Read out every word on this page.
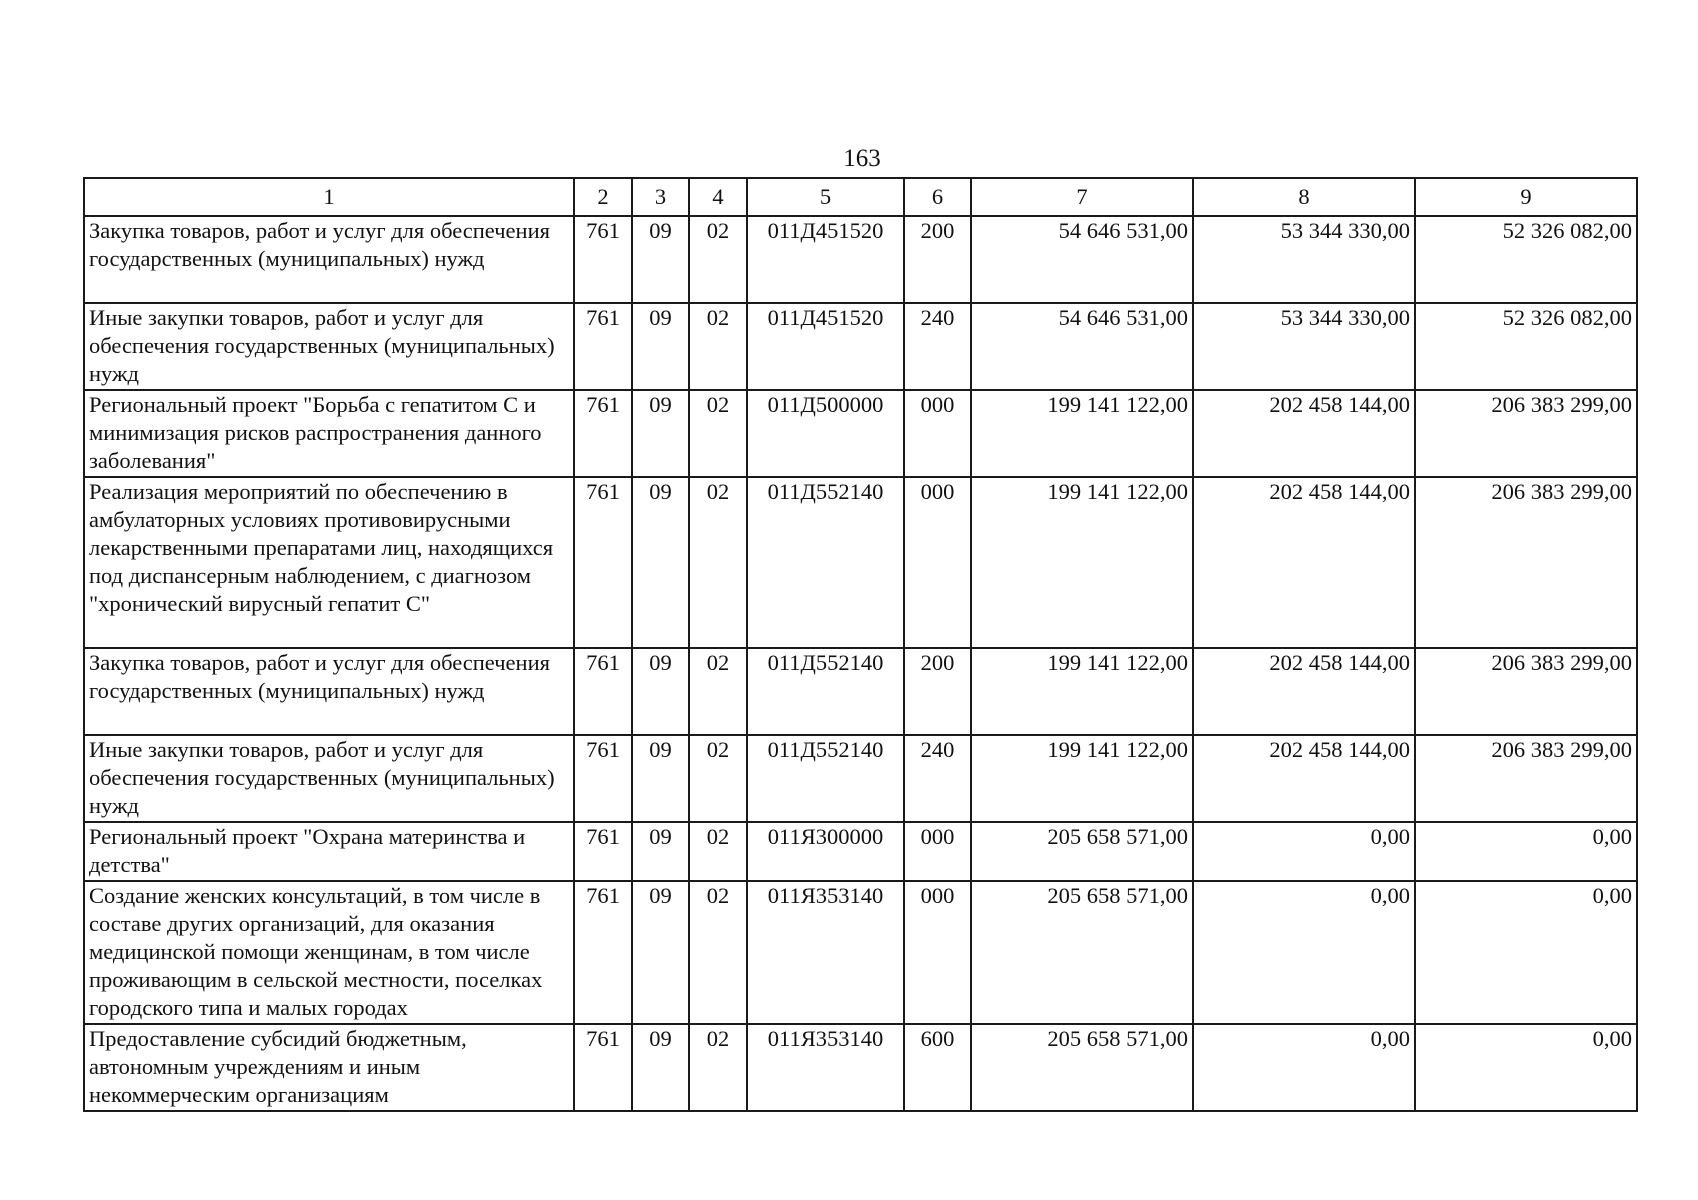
163
1	2	3	4	5	6	7	8	9
Закупка товаров, работ и услуг для обеспечения государственных (муниципальных) нужд	761	09	02	011Д451520	200	54 646 531,00	53 344 330,00	52 326 082,00
Иные закупки товаров, работ и услуг для обеспечения государственных (муниципальных) нужд	761	09	02	011Д451520	240	54 646 531,00	53 344 330,00	52 326 082,00
Региональный проект "Борьба с гепатитом С и минимизация рисков распространения данного заболевания"	761	09	02	011Д500000	000	199 141 122,00	202 458 144,00	206 383 299,00
Реализация мероприятий по обеспечению в амбулаторных условиях противовирусными лекарственными препаратами лиц, находящихся под диспансерным наблюдением, с диагнозом "хронический вирусный гепатит С"	761	09	02	011Д552140	000	199 141 122,00	202 458 144,00	206 383 299,00
Закупка товаров, работ и услуг для обеспечения государственных (муниципальных) нужд	761	09	02	011Д552140	200	199 141 122,00	202 458 144,00	206 383 299,00
Иные закупки товаров, работ и услуг для обеспечения государственных (муниципальных) нужд	761	09	02	011Д552140	240	199 141 122,00	202 458 144,00	206 383 299,00
Региональный проект "Охрана материнства и детства"	761	09	02	011Я300000	000	205 658 571,00	0,00	0,00
Создание женских консультаций, в том числе в составе других организаций, для оказания медицинской помощи женщинам, в том числе проживающим в сельской местности, поселках городского типа и малых городах	761	09	02	011Я353140	000	205 658 571,00	0,00	0,00
Предоставление субсидий бюджетным, автономным учреждениям и иным некоммерческим организациям	761	09	02	011Я353140	600	205 658 571,00	0,00	0,00
